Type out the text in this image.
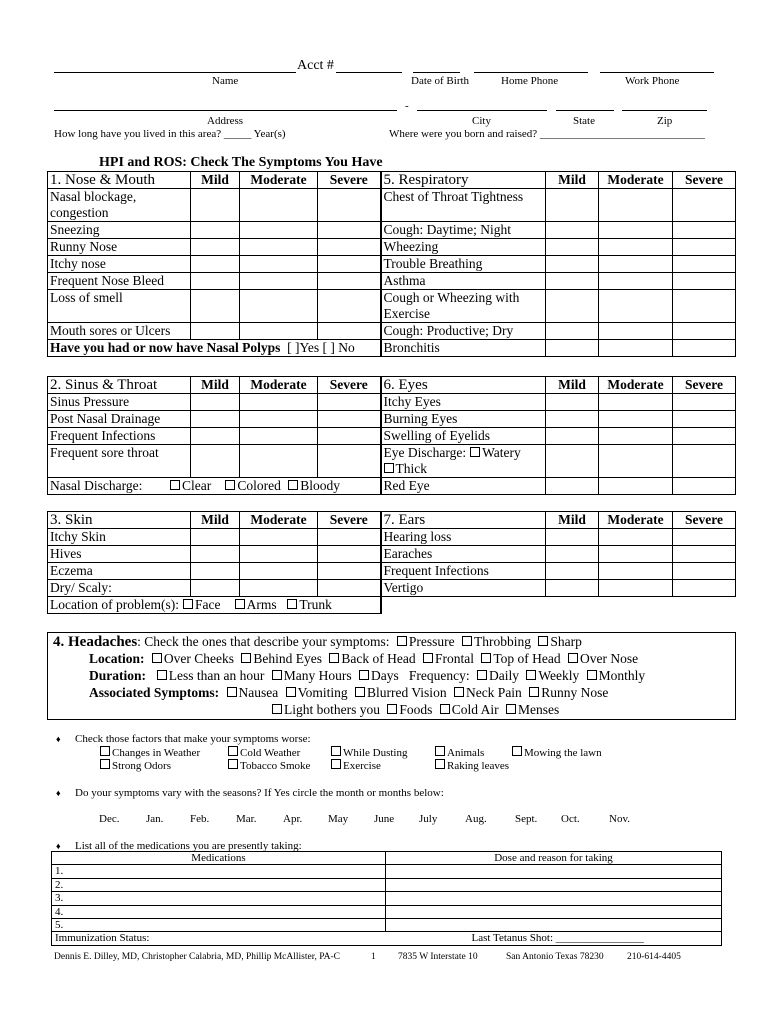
Acct #
Name	Date of Birth	Home Phone	Work Phone
-
Address	City	State	Zip
How long have you lived in this area? _____ Year(s)	Where were you born and raised? ______________________________
HPI and ROS: Check The Symptoms You Have
1. Nose & Mouth	Mild	Moderate	Severe	5. Respiratory	Mild	Moderate	Severe
Nasal blockage,
congestion				Chest of Throat Tightness

Sneezing				Cough: Daytime; Night			
Runny Nose				Wheezing			
Itchy nose				Trouble Breathing			
Frequent Nose Bleed				Asthma			
Loss of smell				Cough or Wheezing with
Exercise			
Mouth sores or Ulcers				Cough: Productive; Dry			
Have you had or now have Nasal Polyps [ ]Yes [ ] No				Bronchitis			
2. Sinus & Throat	Mild	Moderate	Severe	6. Eyes	Mild	Moderate	Severe
Sinus Pressure				Itchy Eyes			
Post Nasal Drainage				Burning Eyes			
Frequent Infections				Swelling of Eyelids			
Frequent sore throat				Eye Discharge: Watery
Thick			
Nasal Discharge: Clear Colored Bloody				Red Eye			
3. Skin	Mild	Moderate	Severe	7. Ears	Mild	Moderate	Severe
Itchy Skin				Hearing loss			
Hives				Earaches			
Eczema				Frequent Infections			
Dry/ Scaly:				Vertigo			
Location of problem(s): Face Arms Trunk							
4. Headaches: Check the ones that describe your symptoms: Pressure Throbbing Sharp
Location: Over Cheeks Behind Eyes Back of Head Frontal Top of Head Over Nose
Duration: Less than an hour Many Hours Days Frequency: Daily Weekly Monthly
Associated Symptoms: Nausea Vomiting Blurred Vision Neck Pain Runny Nose
Light bothers you Foods Cold Air Menses
♦ Check those factors that make your symptoms worse:
Changes in Weather	Cold Weather	While Dusting	Animals	Mowing the lawn
Strong Odors	Tobacco Smoke	Exercise	Raking leaves
♦ Do your symptoms vary with the seasons? If Yes circle the month or months below:
Dec. Jan. Feb. Mar. Apr. May June July	Aug.	Sept. Oct.	Nov.
♦ List all of the medications you are presently taking:
Medications	Dose and reason for taking
1.	
2.	
3.	
4.	
5.	
Immunization Status:	Last Tetanus Shot: ________________
Dennis E. Dilley, MD, Christopher Calabria, MD, Phillip McAllister, PA-C	1 7835 W Interstate 10	San Antonio Texas 78230 210-614-4405
